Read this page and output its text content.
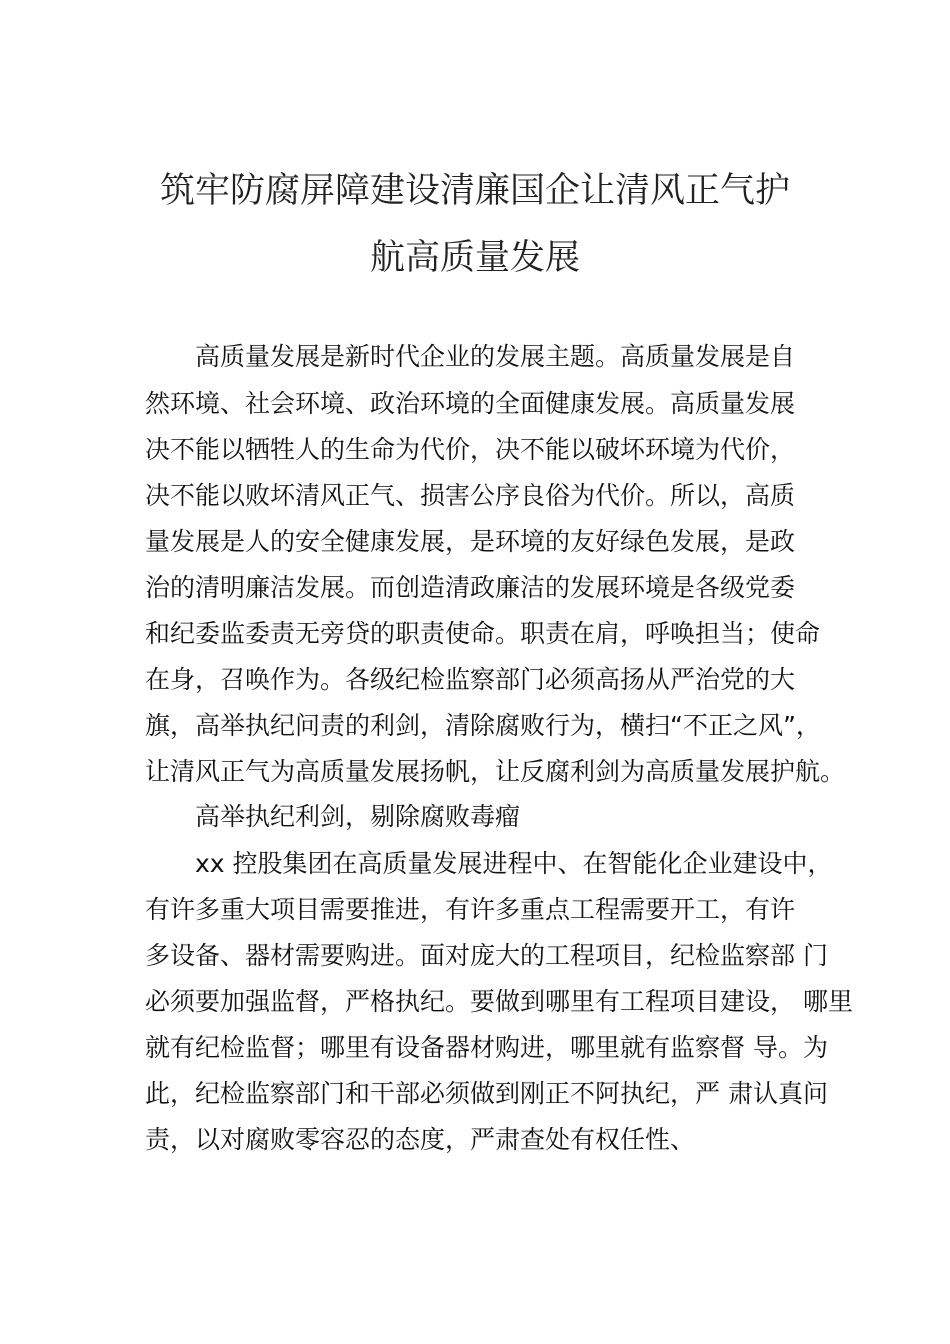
筑牢防腐屏障建设清廉国企让清风正气护
航高质量发展
高质量发展是新时代企业的发展主题。高质量发展是自
然环境、社会环境、政治环境的全面健康发展。高质量发展
决不能以牺牲人的生命为代价，决不能以破坏环境为代价，
决不能以败坏清风正气、损害公序良俗为代价。所以，高质
量发展是人的安全健康发展，是环境的友好绿色发展，是政
治的清明廉洁发展。而创造清政廉洁的发展环境是各级党委
和纪委监委责无旁贷的职责使命。职责在肩，呼唤担当；使命
在身，召唤作为。各级纪检监察部门必须高扬从严治党的大
旗，高举执纪问责的利剑，清除腐败行为，横扫“不正之风”，
让清风正气为高质量发展扬帆，让反腐利剑为高质量发展护航。
高举执纪利剑，剔除腐败毒瘤
xx 控股集团在高质量发展进程中、在智能化企业建设中，
有许多重大项目需要推进，有许多重点工程需要开工，有许
多设备、器材需要购进。面对庞大的工程项目，纪检监察部 门
必须要加强监督，严格执纪。要做到哪里有工程项目建设， 哪里
就有纪检监督；哪里有设备器材购进，哪里就有监察督 导。为
此，纪检监察部门和干部必须做到刚正不阿执纪，严 肃认真问
责，以对腐败零容忍的态度，严肃查处有权任性、
